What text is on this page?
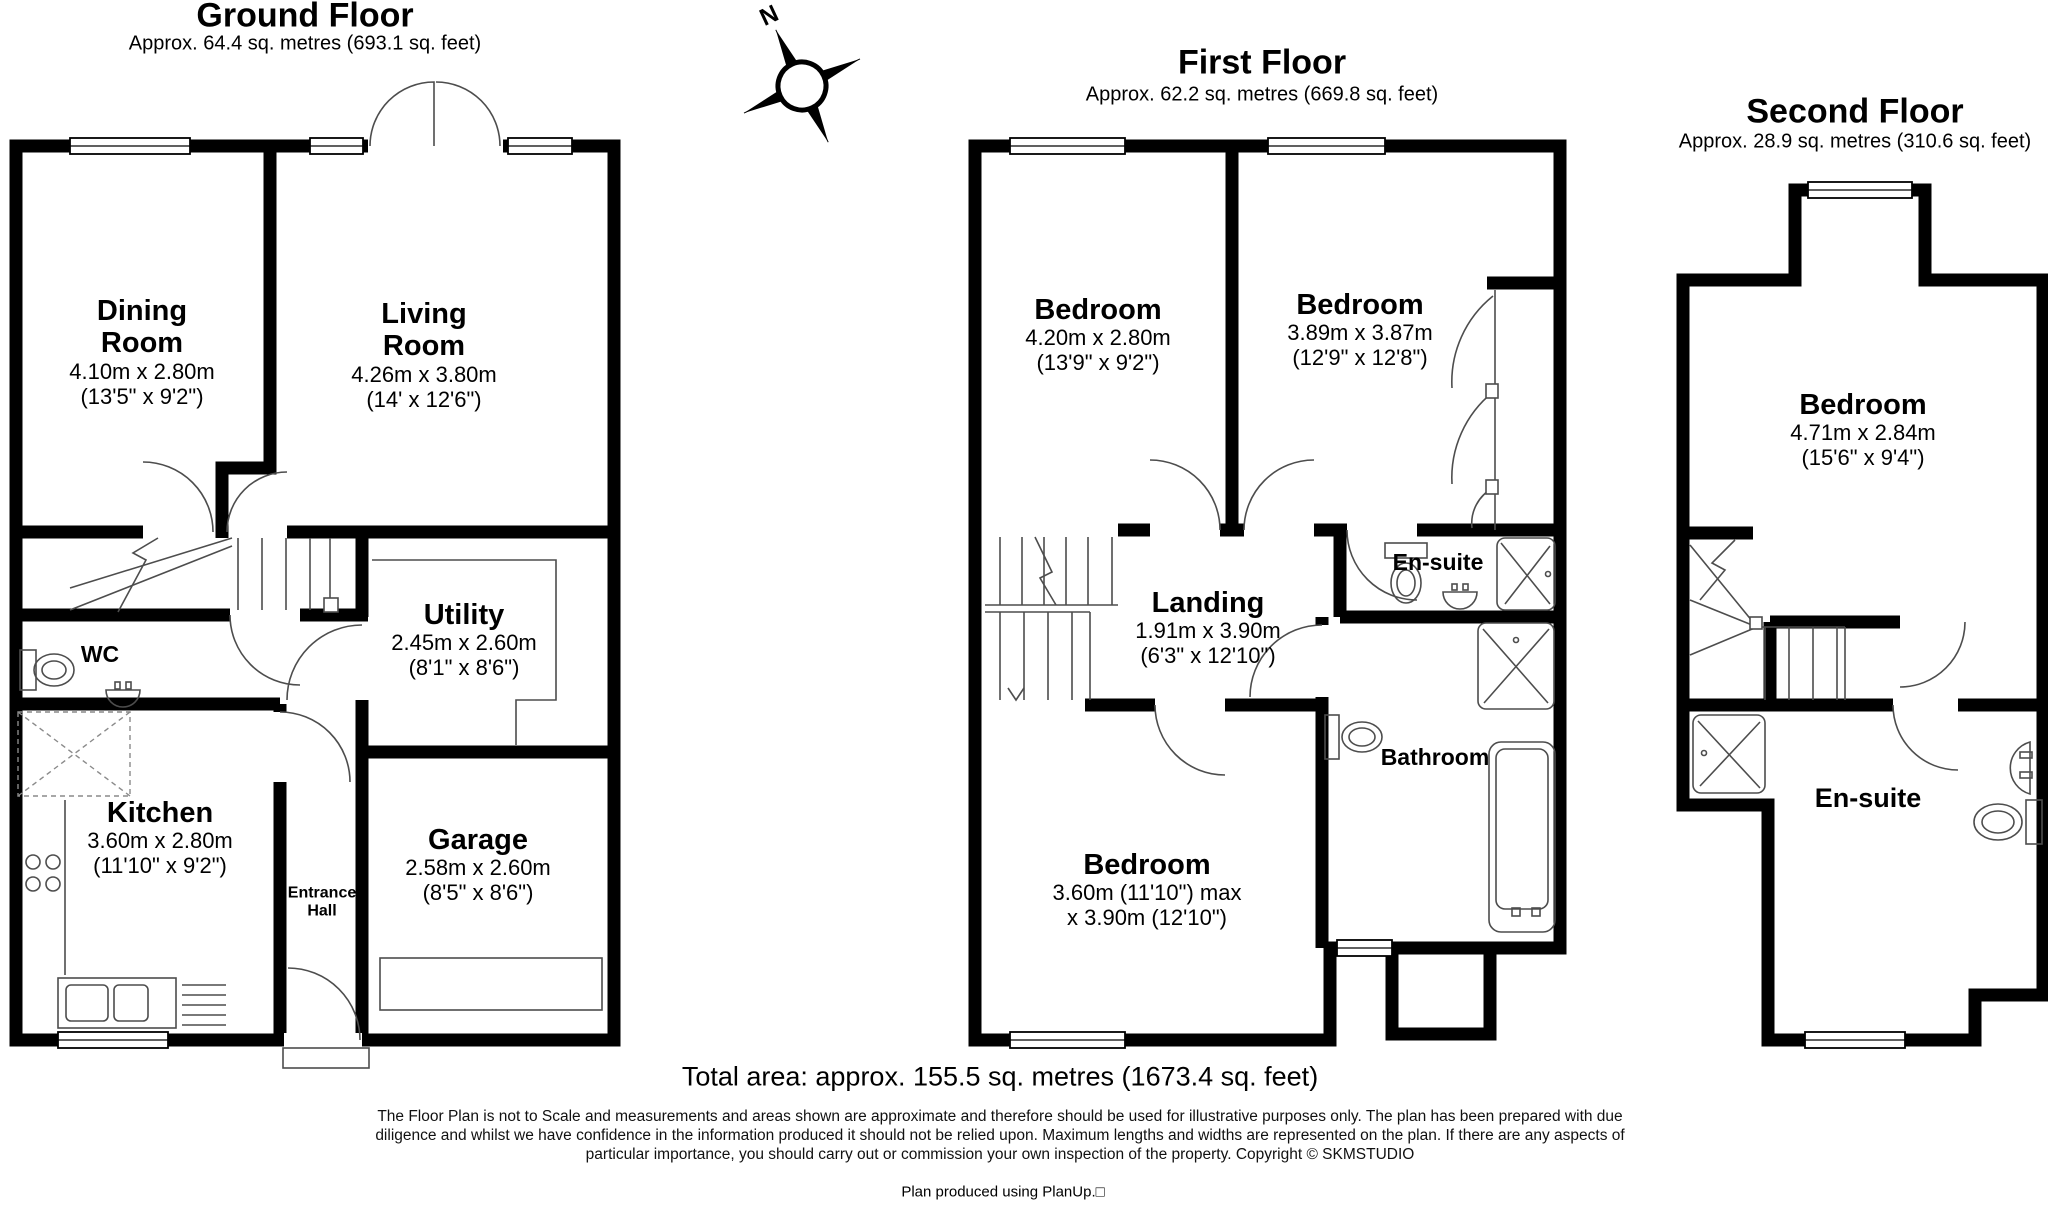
N
Ground Floor
Approx. 64.4 sq. metres (693.1 sq. feet)	First Floor
Approx. 62.2 sq. metres (669.8 sq. feet)	Second Floor
Approx. 28.9 sq. metres (310.6 sq. feet)
Dining Room
4.10m x 2.80m
(13'5" x 9'2")
Living Room
4.26m x 3.80m
(14' x 12'6")
WC
Utility
2.45m x 2.60m
(8'1" x 8'6")
Kitchen
3.60m x 2.80m
(11'10" x 9'2")
Garage
2.58m x 2.60m
(8'5" x 8'6")
Entrance Hall
Bedroom
4.20m x 2.80m
(13'9" x 9'2")
Bedroom
3.89m x 3.87m
(12'9" x 12'8")
Landing
1.91m x 3.90m
(6'3" x 12'10")
En-suite
Bathroom
Bedroom
3.60m (11'10") max
x 3.90m (12'10")
Bedroom
4.71m x 2.84m
(15'6" x 9'4")
En-suite
Total area: approx. 155.5 sq. metres (1673.4 sq. feet)
The Floor Plan is not to Scale and measurements and areas shown are approximate and therefore should be used for illustrative purposes only. The plan has been prepared with due
diligence and whilst we have confidence in the information produced it should not be relied upon. Maximum lengths and widths are represented on the plan. If there are any aspects of
particular importance, you should carry out or commission your own inspection of the property. Copyright © SKMSTUDIO
Plan produced using PlanUp.□
